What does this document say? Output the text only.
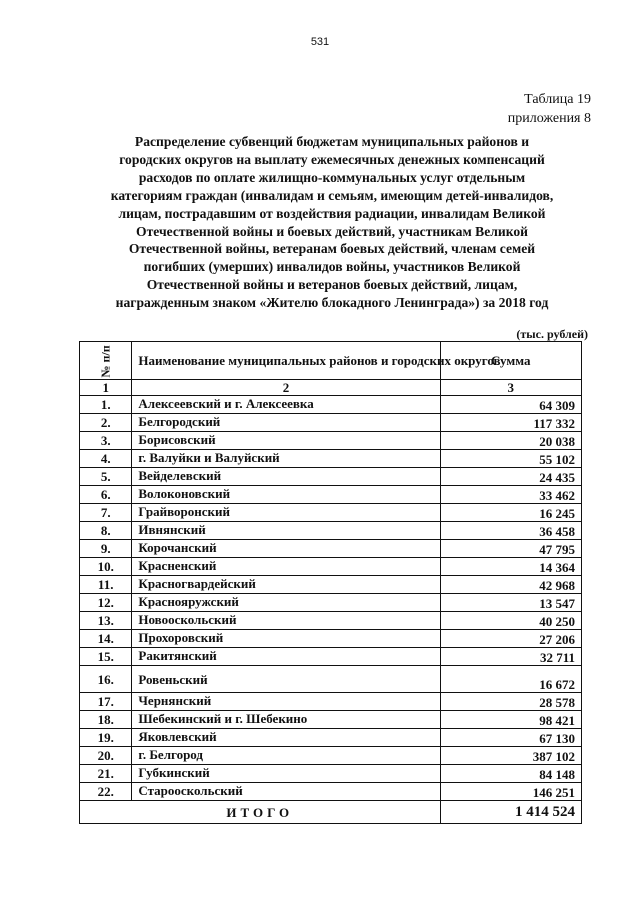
531
Таблица 19
приложения 8
Распределение субвенций бюджетам муниципальных районов и
городских округов на выплату ежемесячных денежных компенсаций
расходов по оплате жилищно-коммунальных услуг отдельным
категориям граждан (инвалидам и семьям, имеющим детей-инвалидов,
лицам, пострадавшим от воздействия радиации, инвалидам Великой
Отечественной войны и боевых действий, участникам Великой
Отечественной войны, ветеранам боевых действий, членам семей
погибших (умерших) инвалидов войны, участников Великой
Отечественной войны и ветеранов боевых действий, лицам,
награжденным знаком «Жителю блокадного Ленинграда») за 2018 год
(тыс. рублей)
№ п/п	Наименование муниципальных районов и городских округов	Сумма
1	2	3
1.	Алексеевский и г. Алексеевка	64 309
2.	Белгородский	117 332
3.	Борисовский	20 038
4.	г. Валуйки и Валуйский	55 102
5.	Вейделевский	24 435
6.	Волоконовский	33 462
7.	Грайворонский	16 245
8.	Ивнянский	36 458
9.	Корочанский	47 795
10.	Красненский	14 364
11.	Красногвардейский	42 968
12.	Краснояружский	13 547
13.	Новооскольский	40 250
14.	Прохоровский	27 206
15.	Ракитянский	32 711
16.	Ровеньский	16 672
17.	Чернянский	28 578
18.	Шебекинский и г. Шебекино	98 421
19.	Яковлевский	67 130
20.	г. Белгород	387 102
21.	Губкинский	84 148
22.	Старооскольский	146 251
ИТОГО		1 414 524
